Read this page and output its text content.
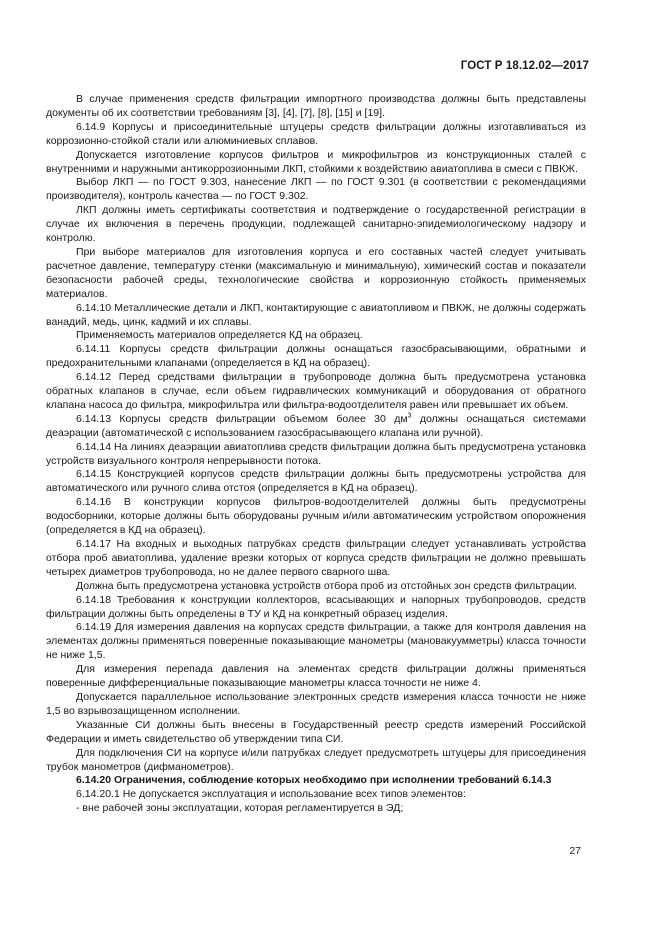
ГОСТ Р 18.12.02—2017

В случае применения средств фильтрации импортного производства должны быть представлены документы об их соответствии требованиям [3], [4], [7], [8], [15] и [19].

6.14.9 Корпусы и присоединительные штуцеры средств фильтрации должны изготавливаться из коррозионно-стойкой стали или алюминиевых сплавов.

Допускается изготовление корпусов фильтров и микрофильтров из конструкционных сталей с внутренними и наружными антикоррозионными ЛКП, стойкими к воздействию авиатоплива в смеси с ПВКЖ.

Выбор ЛКП — по ГОСТ 9.303, нанесение ЛКП — по ГОСТ 9.301 (в соответствии с рекомендациями производителя), контроль качества — по ГОСТ 9.302.

ЛКП должны иметь сертификаты соответствия и подтверждение о государственной регистрации в случае их включения в перечень продукции, подлежащей санитарно-эпидемиологическому надзору и контролю.

При выборе материалов для изготовления корпуса и его составных частей следует учитывать расчетное давление, температуру стенки (максимальную и минимальную), химический состав и показатели безопасности рабочей среды, технологические свойства и коррозионную стойкость применяемых материалов.

6.14.10 Металлические детали и ЛКП, контактирующие с авиатопливом и ПВКЖ, не должны содержать ванадий, медь, цинк, кадмий и их сплавы.

Применяемость материалов определяется КД на образец.

6.14.11 Корпусы средств фильтрации должны оснащаться газосбрасывающими, обратными и предохранительными клапанами (определяется в КД на образец).

6.14.12 Перед средствами фильтрации в трубопроводе должна быть предусмотрена установка обратных клапанов в случае, если объем гидравлических коммуникаций и оборудования от обратного клапана насоса до фильтра, микрофильтра или фильтра-водоотделителя равен или превышает их объем.

6.14.13 Корпусы средств фильтрации объемом более 30 $дм^3$ должны оснащаться системами деаэрации (автоматической с использованием газосбрасывающего клапана или ручной).

6.14.14 На линиях деаэрации авиатоплива средств фильтрации должна быть предусмотрена установка устройств визуального контроля непрерывности потока.

6.14.15 Конструкцией корпусов средств фильтрации должны быть предусмотрены устройства для автоматического или ручного слива отстоя (определяется в КД на образец).

6.14.16 В конструкции корпусов фильтров-водоотделителей должны быть предусмотрены водосборники, которые должны быть оборудованы ручным и/или автоматическим устройством опорожнения (определяется в КД на образец).

6.14.17 На входных и выходных патрубках средств фильтрации следует устанавливать устройства отбора проб авиатоплива, удаление врезки которых от корпуса средств фильтрации не должно превышать четырех диаметров трубопровода, но не далее первого сварного шва.

Должна быть предусмотрена установка устройств отбора проб из отстойных зон средств фильтрации.

6.14.18 Требования к конструкции коллекторов, всасывающих и напорных трубопроводов, средств фильтрации должны быть определены в ТУ и КД на конкретный образец изделия.

6.14.19 Для измерения давления на корпусах средств фильтрации, а также для контроля давления на элементах должны применяться поверенные показывающие манометры (мановакуумметры) класса точности не ниже 1,5.

Для измерения перепада давления на элементах средств фильтрации должны применяться поверенные дифференциальные показывающие манометры класса точности не ниже 4.

Допускается параллельное использование электронных средств измерения класса точности не ниже 1,5 во взрывозащищенном исполнении.

Указанные СИ должны быть внесены в Государственный реестр средств измерений Российской Федерации и иметь свидетельство об утверждении типа СИ.

Для подключения СИ на корпусе и/или патрубках следует предусмотреть штуцеры для присоединения трубок манометров (дифманометров).

6.14.20 Ограничения, соблюдение которых необходимо при исполнении требований 6.14.3

6.14.20.1 Не допускается эксплуатация и использование всех типов элементов:

- вне рабочей зоны эксплуатации, которая регламентируется в ЭД;

27
